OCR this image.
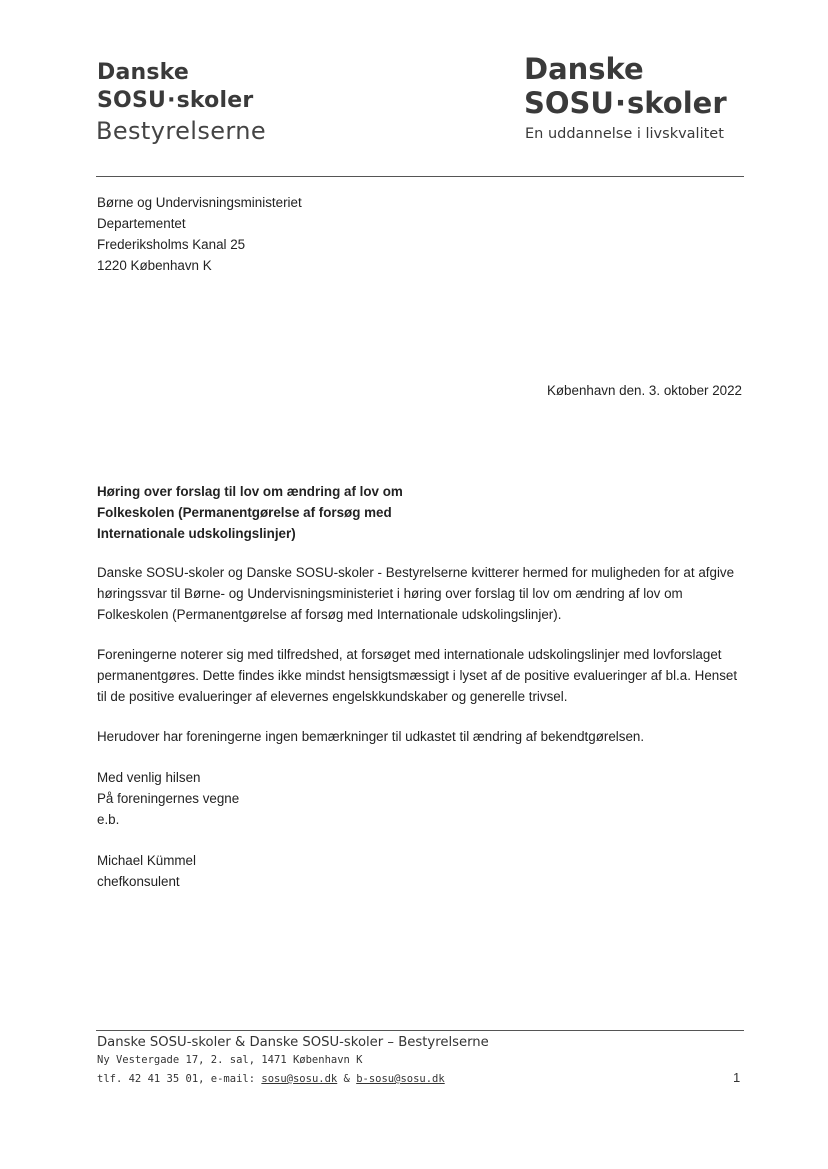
Danske
SOSU·skoler
Bestyrelserne
Danske
SOSU·skoler
En uddannelse i livskvalitet
Børne og Undervisningsministeriet
Departementet
Frederiksholms Kanal 25
1220 København K
København den. 3. oktober 2022
Høring over forslag til lov om ændring af lov om
Folkeskolen (Permanentgørelse af forsøg med
Internationale udskolingslinjer)
Danske SOSU-skoler og Danske SOSU-skoler - Bestyrelserne kvitterer hermed for muligheden for at afgive
høringssvar til Børne- og Undervisningsministeriet i høring over forslag til lov om ændring af lov om
Folkeskolen (Permanentgørelse af forsøg med Internationale udskolingslinjer).
Foreningerne noterer sig med tilfredshed, at forsøget med internationale udskolingslinjer med lovforslaget
permanentgøres. Dette findes ikke mindst hensigtsmæssigt i lyset af de positive evalueringer af bl.a. Henset
til de positive evalueringer af elevernes engelskkundskaber og generelle trivsel.
Herudover har foreningerne ingen bemærkninger til udkastet til ændring af bekendtgørelsen.
Med venlig hilsen
På foreningernes vegne
e.b.
Michael Kümmel
chefkonsulent
Danske SOSU-skoler & Danske SOSU-skoler – Bestyrelserne
Ny Vestergade 17, 2. sal, 1471 København K
tlf. 42 41 35 01, e-mail: sosu@sosu.dk & b-sosu@sosu.dk	1
